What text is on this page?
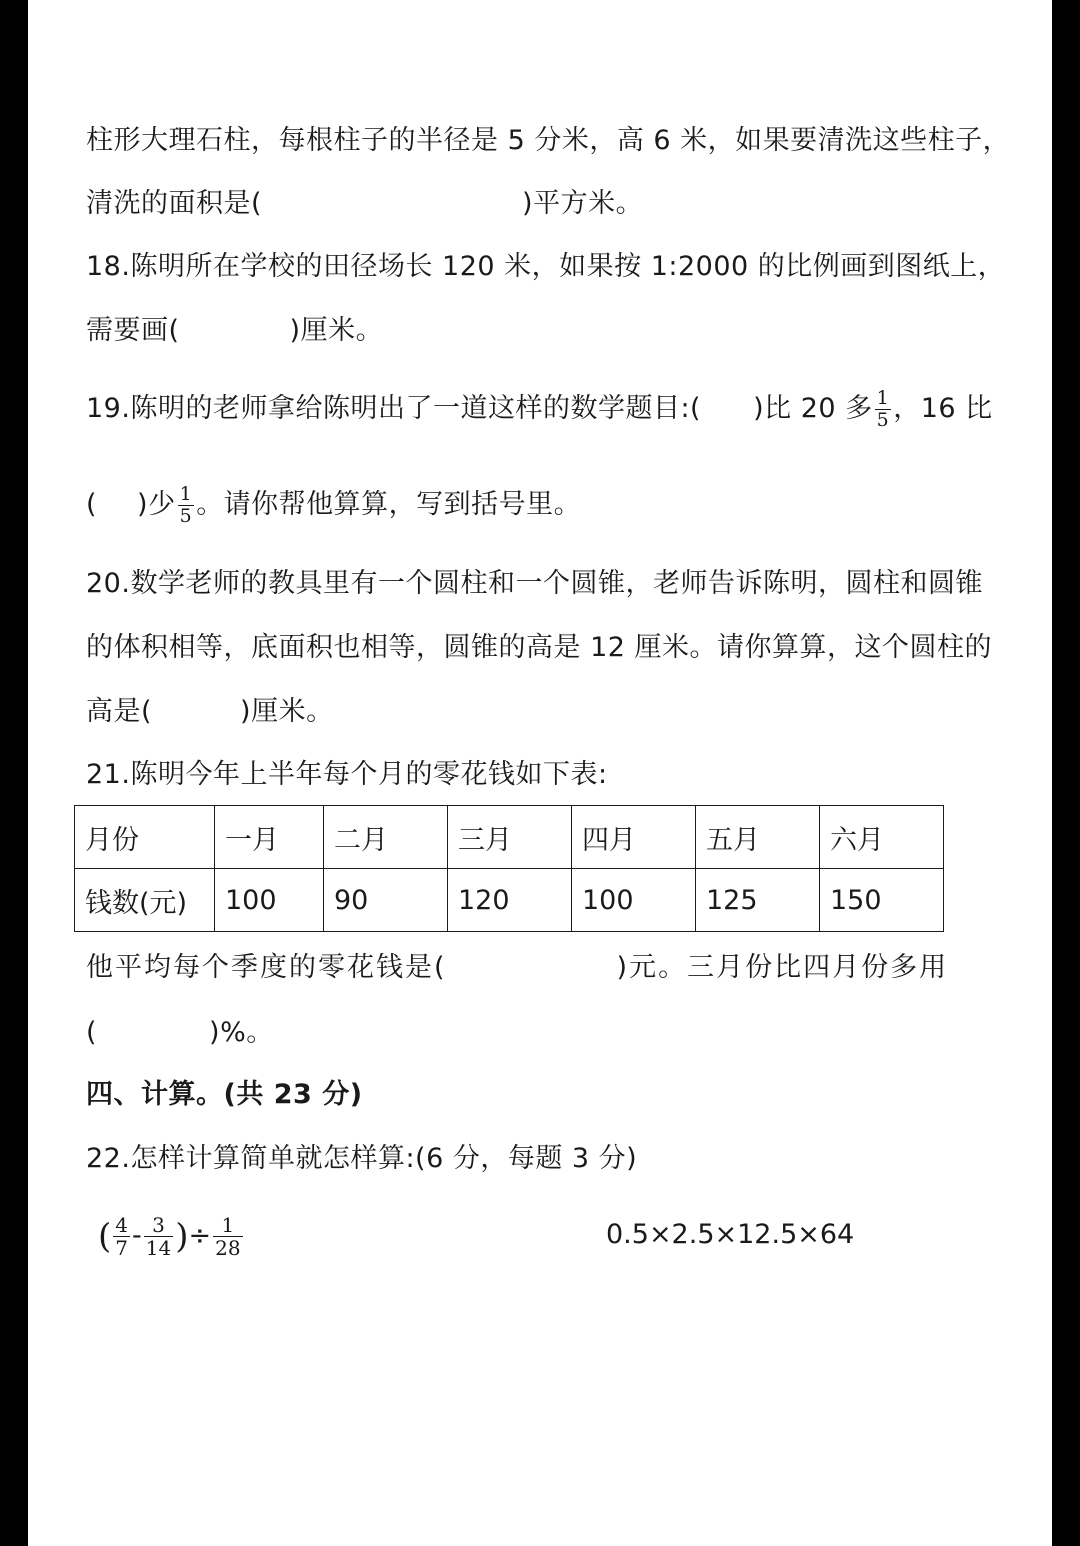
柱形大理石柱，每根柱子的半径是 5 分米，高 6 米，如果要清洗这些柱子，
清洗的面积是(	)平方米。
18.陈明所在学校的田径场长 120 米，如果按 1:2000 的比例画到图纸上，
需要画(	)厘米。
19.陈明的老师拿给陈明出了一道这样的数学题目:( )比 20 多 $\frac{1}{5}$ ，16 比
( )少 $\frac{1}{5}$ 。请你帮他算算，写到括号里。
20.数学老师的教具里有一个圆柱和一个圆锥，老师告诉陈明，圆柱和圆锥
的体积相等，底面积也相等，圆锥的高是 12 厘米。请你算算，这个圆柱的
高是(	)厘米。
21.陈明今年上半年每个月的零花钱如下表:
月份	一月	二月	三月	四月	五月	六月
钱数(元)	100	90	120	100	125	150
他平均每个季度的零花钱是(	)元。三月份比四月份多用
(	)%。
四、计算。(共 23 分)
22.怎样计算简单就怎样算:(6 分，每题 3 分)
( $\frac{4}{7} - \frac{3}{14}$ )÷ $\frac{1}{28}$	0.5×2.5×12.5×64
